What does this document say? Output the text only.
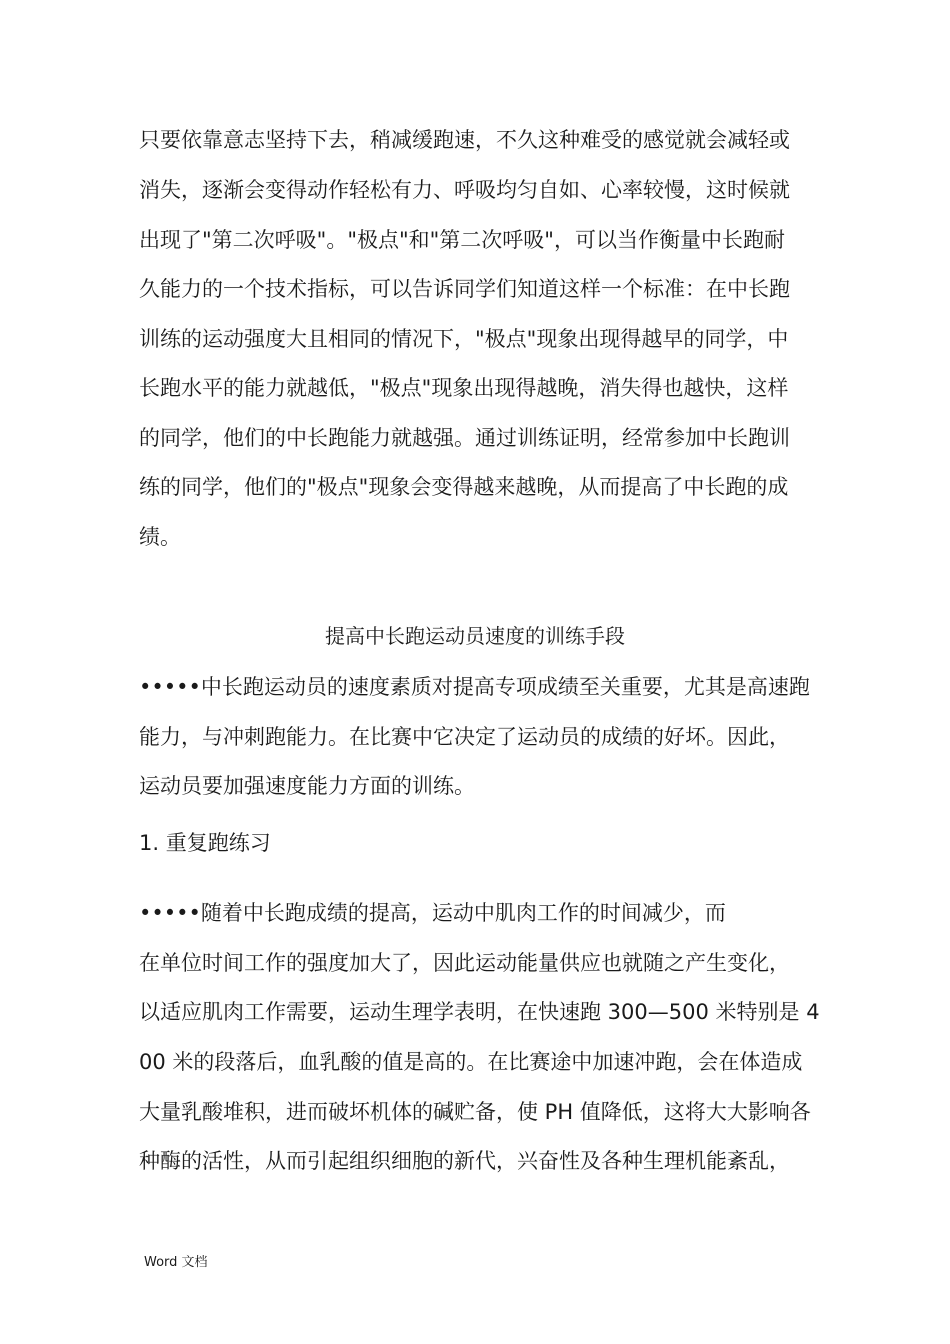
只要依靠意志坚持下去，稍减缓跑速，不久这种难受的感觉就会减轻或
消失，逐渐会变得动作轻松有力、呼吸均匀自如、心率较慢，这时候就
出现了"第二次呼吸"。"极点"和"第二次呼吸"，可以当作衡量中长跑耐
久能力的一个技术指标，可以告诉同学们知道这样一个标准：在中长跑
训练的运动强度大且相同的情况下，"极点"现象出现得越早的同学，中
长跑水平的能力就越低，"极点"现象出现得越晚，消失得也越快，这样
的同学，他们的中长跑能力就越强。通过训练证明，经常参加中长跑训
练的同学，他们的"极点"现象会变得越来越晚，从而提高了中长跑的成
绩。
提高中长跑运动员速度的训练手段
•••••中长跑运动员的速度素质对提高专项成绩至关重要，尤其是高速跑
能力，与冲刺跑能力。在比赛中它决定了运动员的成绩的好坏。因此，
运动员要加强速度能力方面的训练。
1. 重复跑练习
•••••随着中长跑成绩的提高，运动中肌肉工作的时间减少，而
在单位时间工作的强度加大了，因此运动能量供应也就随之产生变化，
以适应肌肉工作需要，运动生理学表明，在快速跑 300—500 米特别是 4
00 米的段落后，血乳酸的值是高的。在比赛途中加速冲跑，会在体造成
大量乳酸堆积，进而破坏机体的碱贮备，使 PH 值降低，这将大大影响各
种酶的活性，从而引起组织细胞的新代，兴奋性及各种生理机能紊乱，
Word 文档
